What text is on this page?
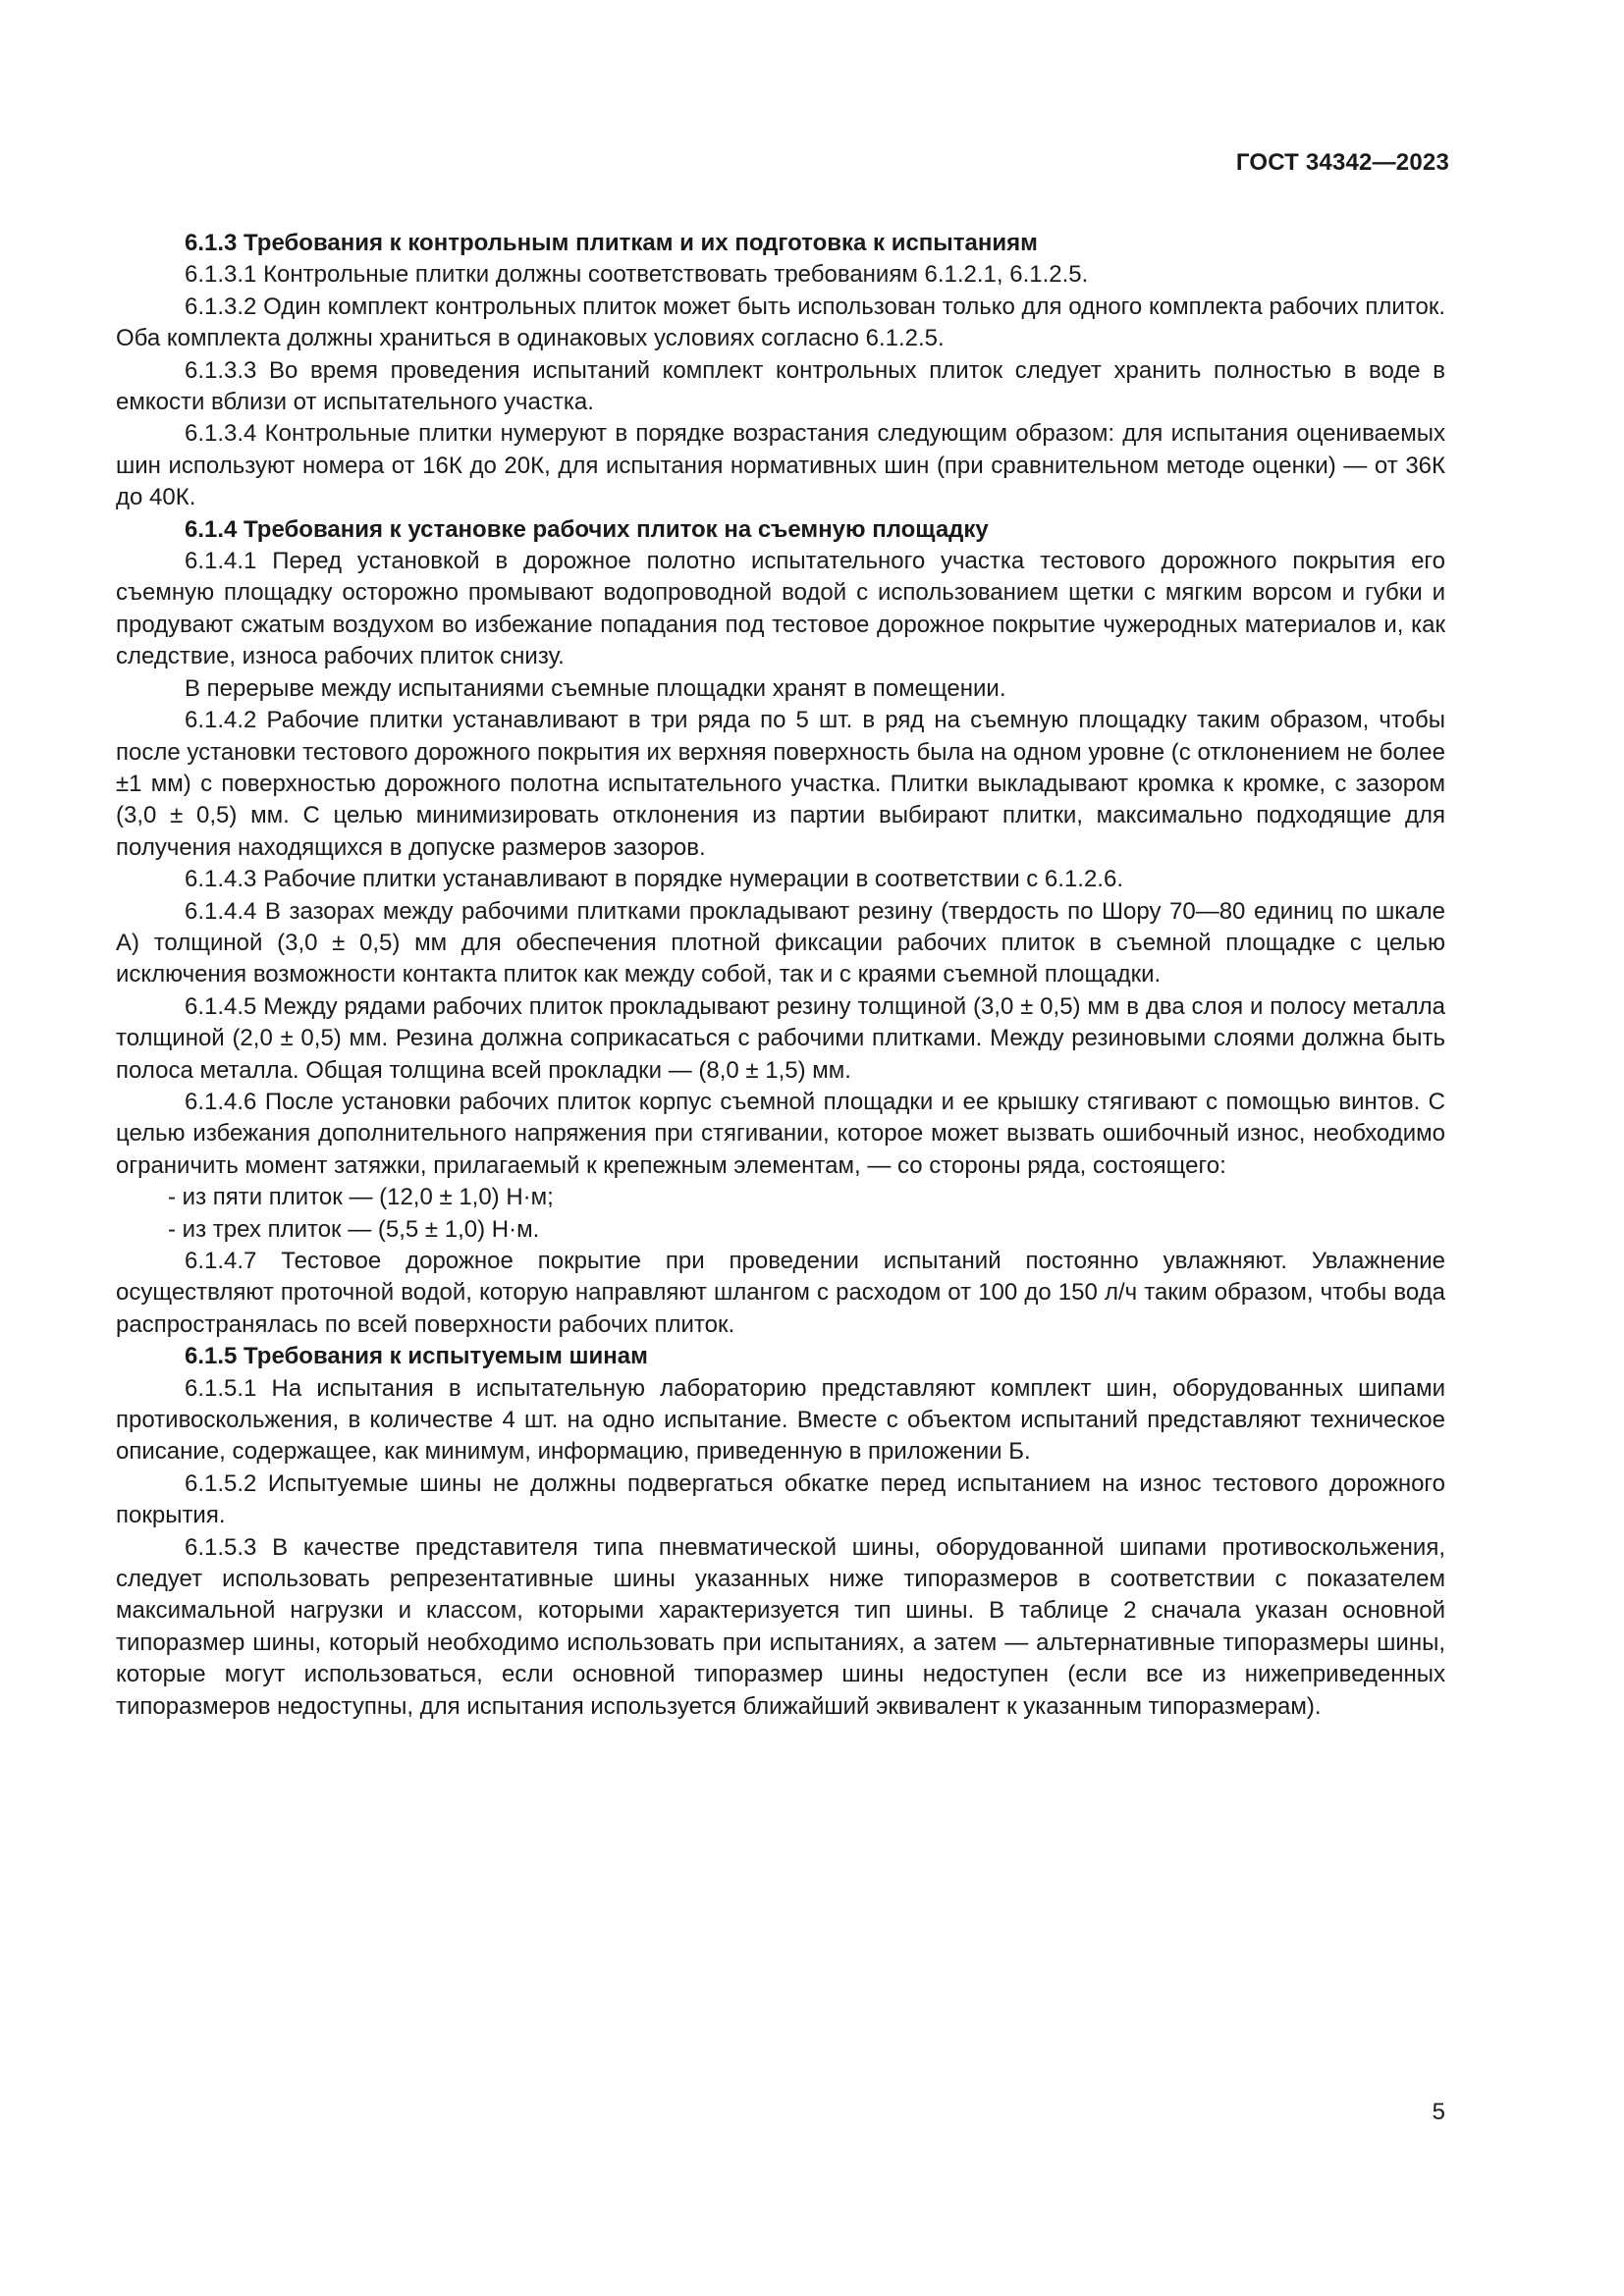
ГОСТ 34342—2023

6.1.3 Требования к контрольным плиткам и их подготовка к испытаниям

6.1.3.1 Контрольные плитки должны соответствовать требованиям 6.1.2.1, 6.1.2.5.

6.1.3.2 Один комплект контрольных плиток может быть использован только для одного комплекта рабочих плиток. Оба комплекта должны храниться в одинаковых условиях согласно 6.1.2.5.

6.1.3.3 Во время проведения испытаний комплект контрольных плиток следует хранить полностью в воде в емкости вблизи от испытательного участка.

6.1.3.4 Контрольные плитки нумеруют в порядке возрастания следующим образом: для испытания оцениваемых шин используют номера от 16К до 20К, для испытания нормативных шин (при сравнительном методе оценки) — от 36К до 40К.

6.1.4 Требования к установке рабочих плиток на съемную площадку

6.1.4.1 Перед установкой в дорожное полотно испытательного участка тестового дорожного покрытия его съемную площадку осторожно промывают водопроводной водой с использованием щетки с мягким ворсом и губки и продувают сжатым воздухом во избежание попадания под тестовое дорожное покрытие чужеродных материалов и, как следствие, износа рабочих плиток снизу.

В перерыве между испытаниями съемные площадки хранят в помещении.

6.1.4.2 Рабочие плитки устанавливают в три ряда по 5 шт. в ряд на съемную площадку таким образом, чтобы после установки тестового дорожного покрытия их верхняя поверхность была на одном уровне (с отклонением не более ±1 мм) с поверхностью дорожного полотна испытательного участка. Плитки выкладывают кромка к кромке, с зазором (3,0 ± 0,5) мм. С целью минимизировать отклонения из партии выбирают плитки, максимально подходящие для получения находящихся в допуске размеров зазоров.

6.1.4.3 Рабочие плитки устанавливают в порядке нумерации в соответствии с 6.1.2.6.

6.1.4.4 В зазорах между рабочими плитками прокладывают резину (твердость по Шору 70—80 единиц по шкале А) толщиной (3,0 ± 0,5) мм для обеспечения плотной фиксации рабочих плиток в съемной площадке с целью исключения возможности контакта плиток как между собой, так и с краями съемной площадки.

6.1.4.5 Между рядами рабочих плиток прокладывают резину толщиной (3,0 ± 0,5) мм в два слоя и полосу металла толщиной (2,0 ± 0,5) мм. Резина должна соприкасаться с рабочими плитками. Между резиновыми слоями должна быть полоса металла. Общая толщина всей прокладки — (8,0 ± 1,5) мм.

6.1.4.6 После установки рабочих плиток корпус съемной площадки и ее крышку стягивают с помощью винтов. С целью избежания дополнительного напряжения при стягивании, которое может вызвать ошибочный износ, необходимо ограничить момент затяжки, прилагаемый к крепежным элементам, — со стороны ряда, состоящего:

- из пяти плиток — (12,0 ± 1,0) Н·м;

- из трех плиток — (5,5 ± 1,0) Н·м.

6.1.4.7 Тестовое дорожное покрытие при проведении испытаний постоянно увлажняют. Увлажнение осуществляют проточной водой, которую направляют шлангом с расходом от 100 до 150 л/ч таким образом, чтобы вода распространялась по всей поверхности рабочих плиток.

6.1.5 Требования к испытуемым шинам

6.1.5.1 На испытания в испытательную лабораторию представляют комплект шин, оборудованных шипами противоскольжения, в количестве 4 шт. на одно испытание. Вместе с объектом испытаний представляют техническое описание, содержащее, как минимум, информацию, приведенную в приложении Б.

6.1.5.2 Испытуемые шины не должны подвергаться обкатке перед испытанием на износ тестового дорожного покрытия.

6.1.5.3 В качестве представителя типа пневматической шины, оборудованной шипами противоскольжения, следует использовать репрезентативные шины указанных ниже типоразмеров в соответствии с показателем максимальной нагрузки и классом, которыми характеризуется тип шины. В таблице 2 сначала указан основной типоразмер шины, который необходимо использовать при испытаниях, а затем — альтернативные типоразмеры шины, которые могут использоваться, если основной типоразмер шины недоступен (если все из нижеприведенных типоразмеров недоступны, для испытания используется ближайший эквивалент к указанным типоразмерам).

5
